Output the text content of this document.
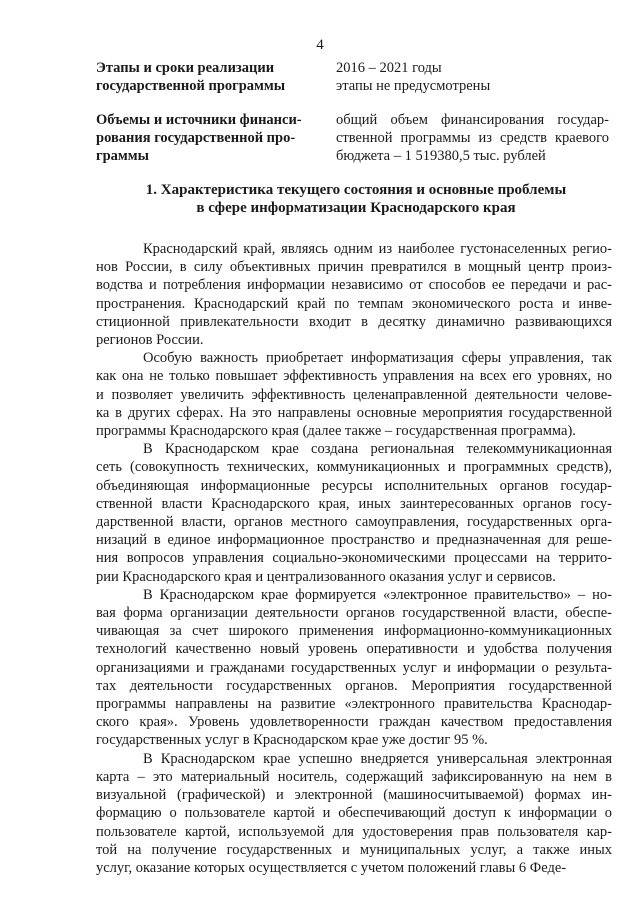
4
Этапы и сроки реализации
государственной программы
2016 – 2021 годы
этапы не предусмотрены
Объемы и источники финанси-
рования государственной про-
граммы
общий объем финансирования государ-
ственной программы из средств краевого
бюджета – 1 519380,5 тыс. рублей
1. Характеристика текущего состояния и основные проблемы
в сфере информатизации Краснодарского края
Краснодарский край, являясь одним из наиболее густонаселенных регио-
нов России, в силу объективных причин превратился в мощный центр произ-
водства и потребления информации независимо от способов ее передачи и рас-
пространения. Краснодарский край по темпам экономического роста и инве-
стиционной привлекательности входит в десятку динамично развивающихся
регионов России.
Особую важность приобретает информатизация сферы управления, так
как она не только повышает эффективность управления на всех его уровнях, но
и позволяет увеличить эффективность целенаправленной деятельности челове-
ка в других сферах. На это направлены основные мероприятия государственной
программы Краснодарского края (далее также – государственная программа).
В Краснодарском крае создана региональная телекоммуникационная
сеть (совокупность технических, коммуникационных и программных средств),
объединяющая информационные ресурсы исполнительных органов государ-
ственной власти Краснодарского края, иных заинтересованных органов госу-
дарственной власти, органов местного самоуправления, государственных орга-
низаций в единое информационное пространство и предназначенная для реше-
ния вопросов управления социально-экономическими процессами на террито-
рии Краснодарского края и централизованного оказания услуг и сервисов.
В Краснодарском крае формируется «электронное правительство» – но-
вая форма организации деятельности органов государственной власти, обеспе-
чивающая за счет широкого применения информационно-коммуникационных
технологий качественно новый уровень оперативности и удобства получения
организациями и гражданами государственных услуг и информации о результа-
тах деятельности государственных органов. Мероприятия государственной
программы направлены на развитие «электронного правительства Краснодар-
ского края». Уровень удовлетворенности граждан качеством предоставления
государственных услуг в Краснодарском крае уже достиг 95 %.
В Краснодарском крае успешно внедряется универсальная электронная
карта – это материальный носитель, содержащий зафиксированную на нем в
визуальной (графической) и электронной (машиносчитываемой) формах ин-
формацию о пользователе картой и обеспечивающий доступ к информации о
пользователе картой, используемой для удостоверения прав пользователя кар-
той на получение государственных и муниципальных услуг, а также иных
услуг, оказание которых осуществляется с учетом положений главы 6 Феде-
